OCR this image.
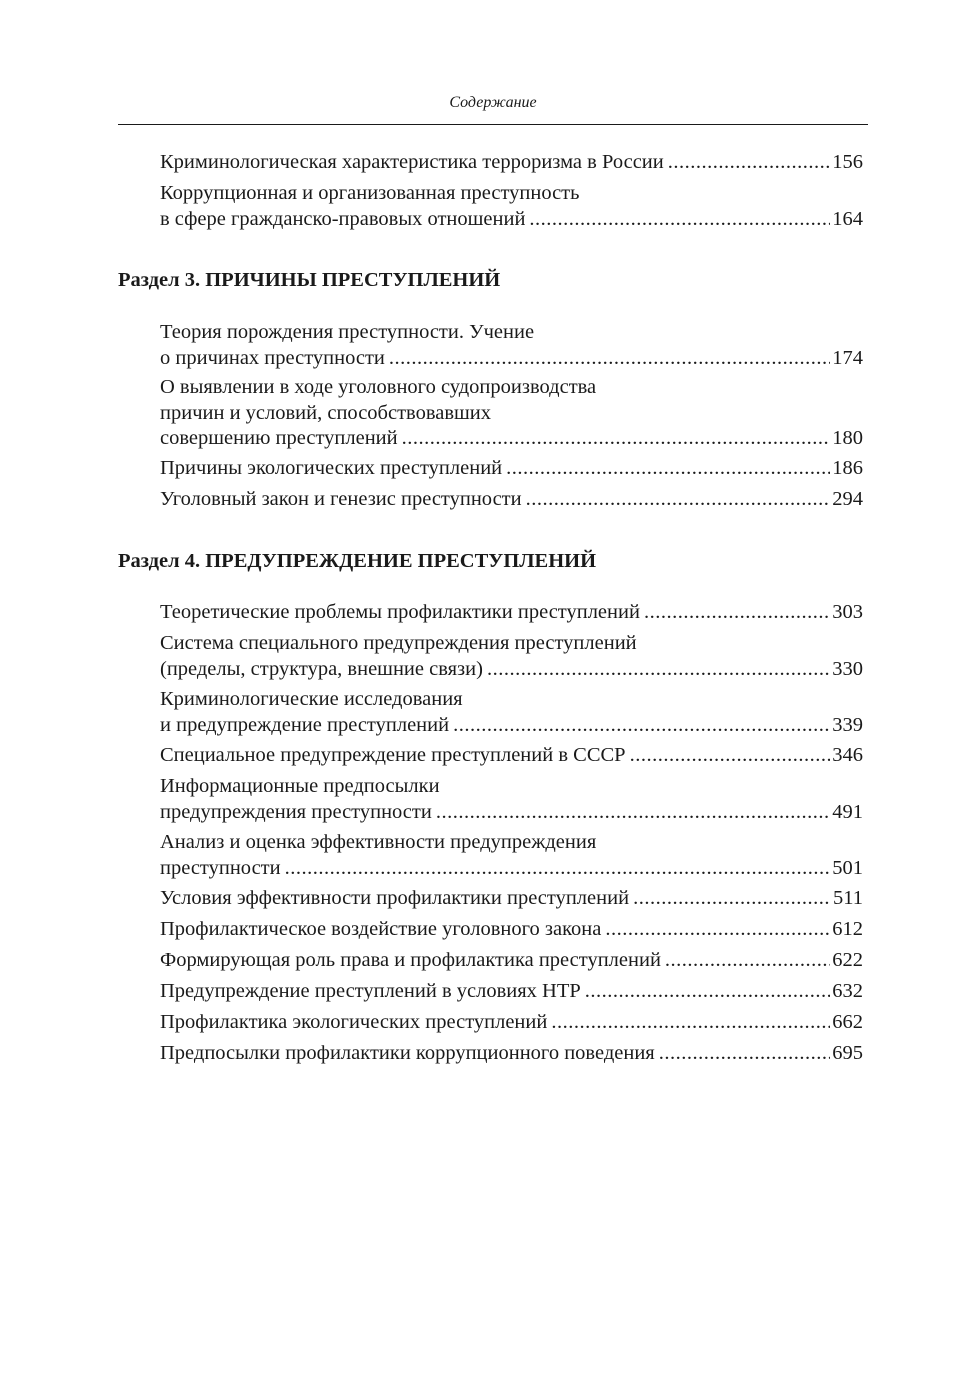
Содержание
Криминологическая характеристика терроризма в России .....	156
Коррупционная и организованная преступность
в сфере гражданско-правовых отношений .....	164
Раздел 3. ПРИЧИНЫ ПРЕСТУПЛЕНИЙ
Теория порождения преступности. Учение
о причинах преступности .....	174
О выявлении в ходе уголовного судопроизводства
причин и условий, способствовавших
совершению преступлений .....	180
Причины экологических преступлений .....	186
Уголовный закон и генезис преступности .....	294
Раздел 4. ПРЕДУПРЕЖДЕНИЕ ПРЕСТУПЛЕНИЙ
Теоретические проблемы профилактики преступлений .....	303
Система специального предупреждения преступлений
(пределы, структура, внешние связи) .....	330
Криминологические исследования
и предупреждение преступлений .....	339
Специальное предупреждение преступлений в СССР .....	346
Информационные предпосылки
предупреждения преступности .....	491
Анализ и оценка эффективности предупреждения
преступности .....	501
Условия эффективности профилактики преступлений .....	511
Профилактическое воздействие уголовного закона .....	612
Формирующая роль права и профилактика преступлений .....	622
Предупреждение преступлений в условиях НТР .....	632
Профилактика экологических преступлений .....	662
Предпосылки профилактики коррупционного поведения .....	695
